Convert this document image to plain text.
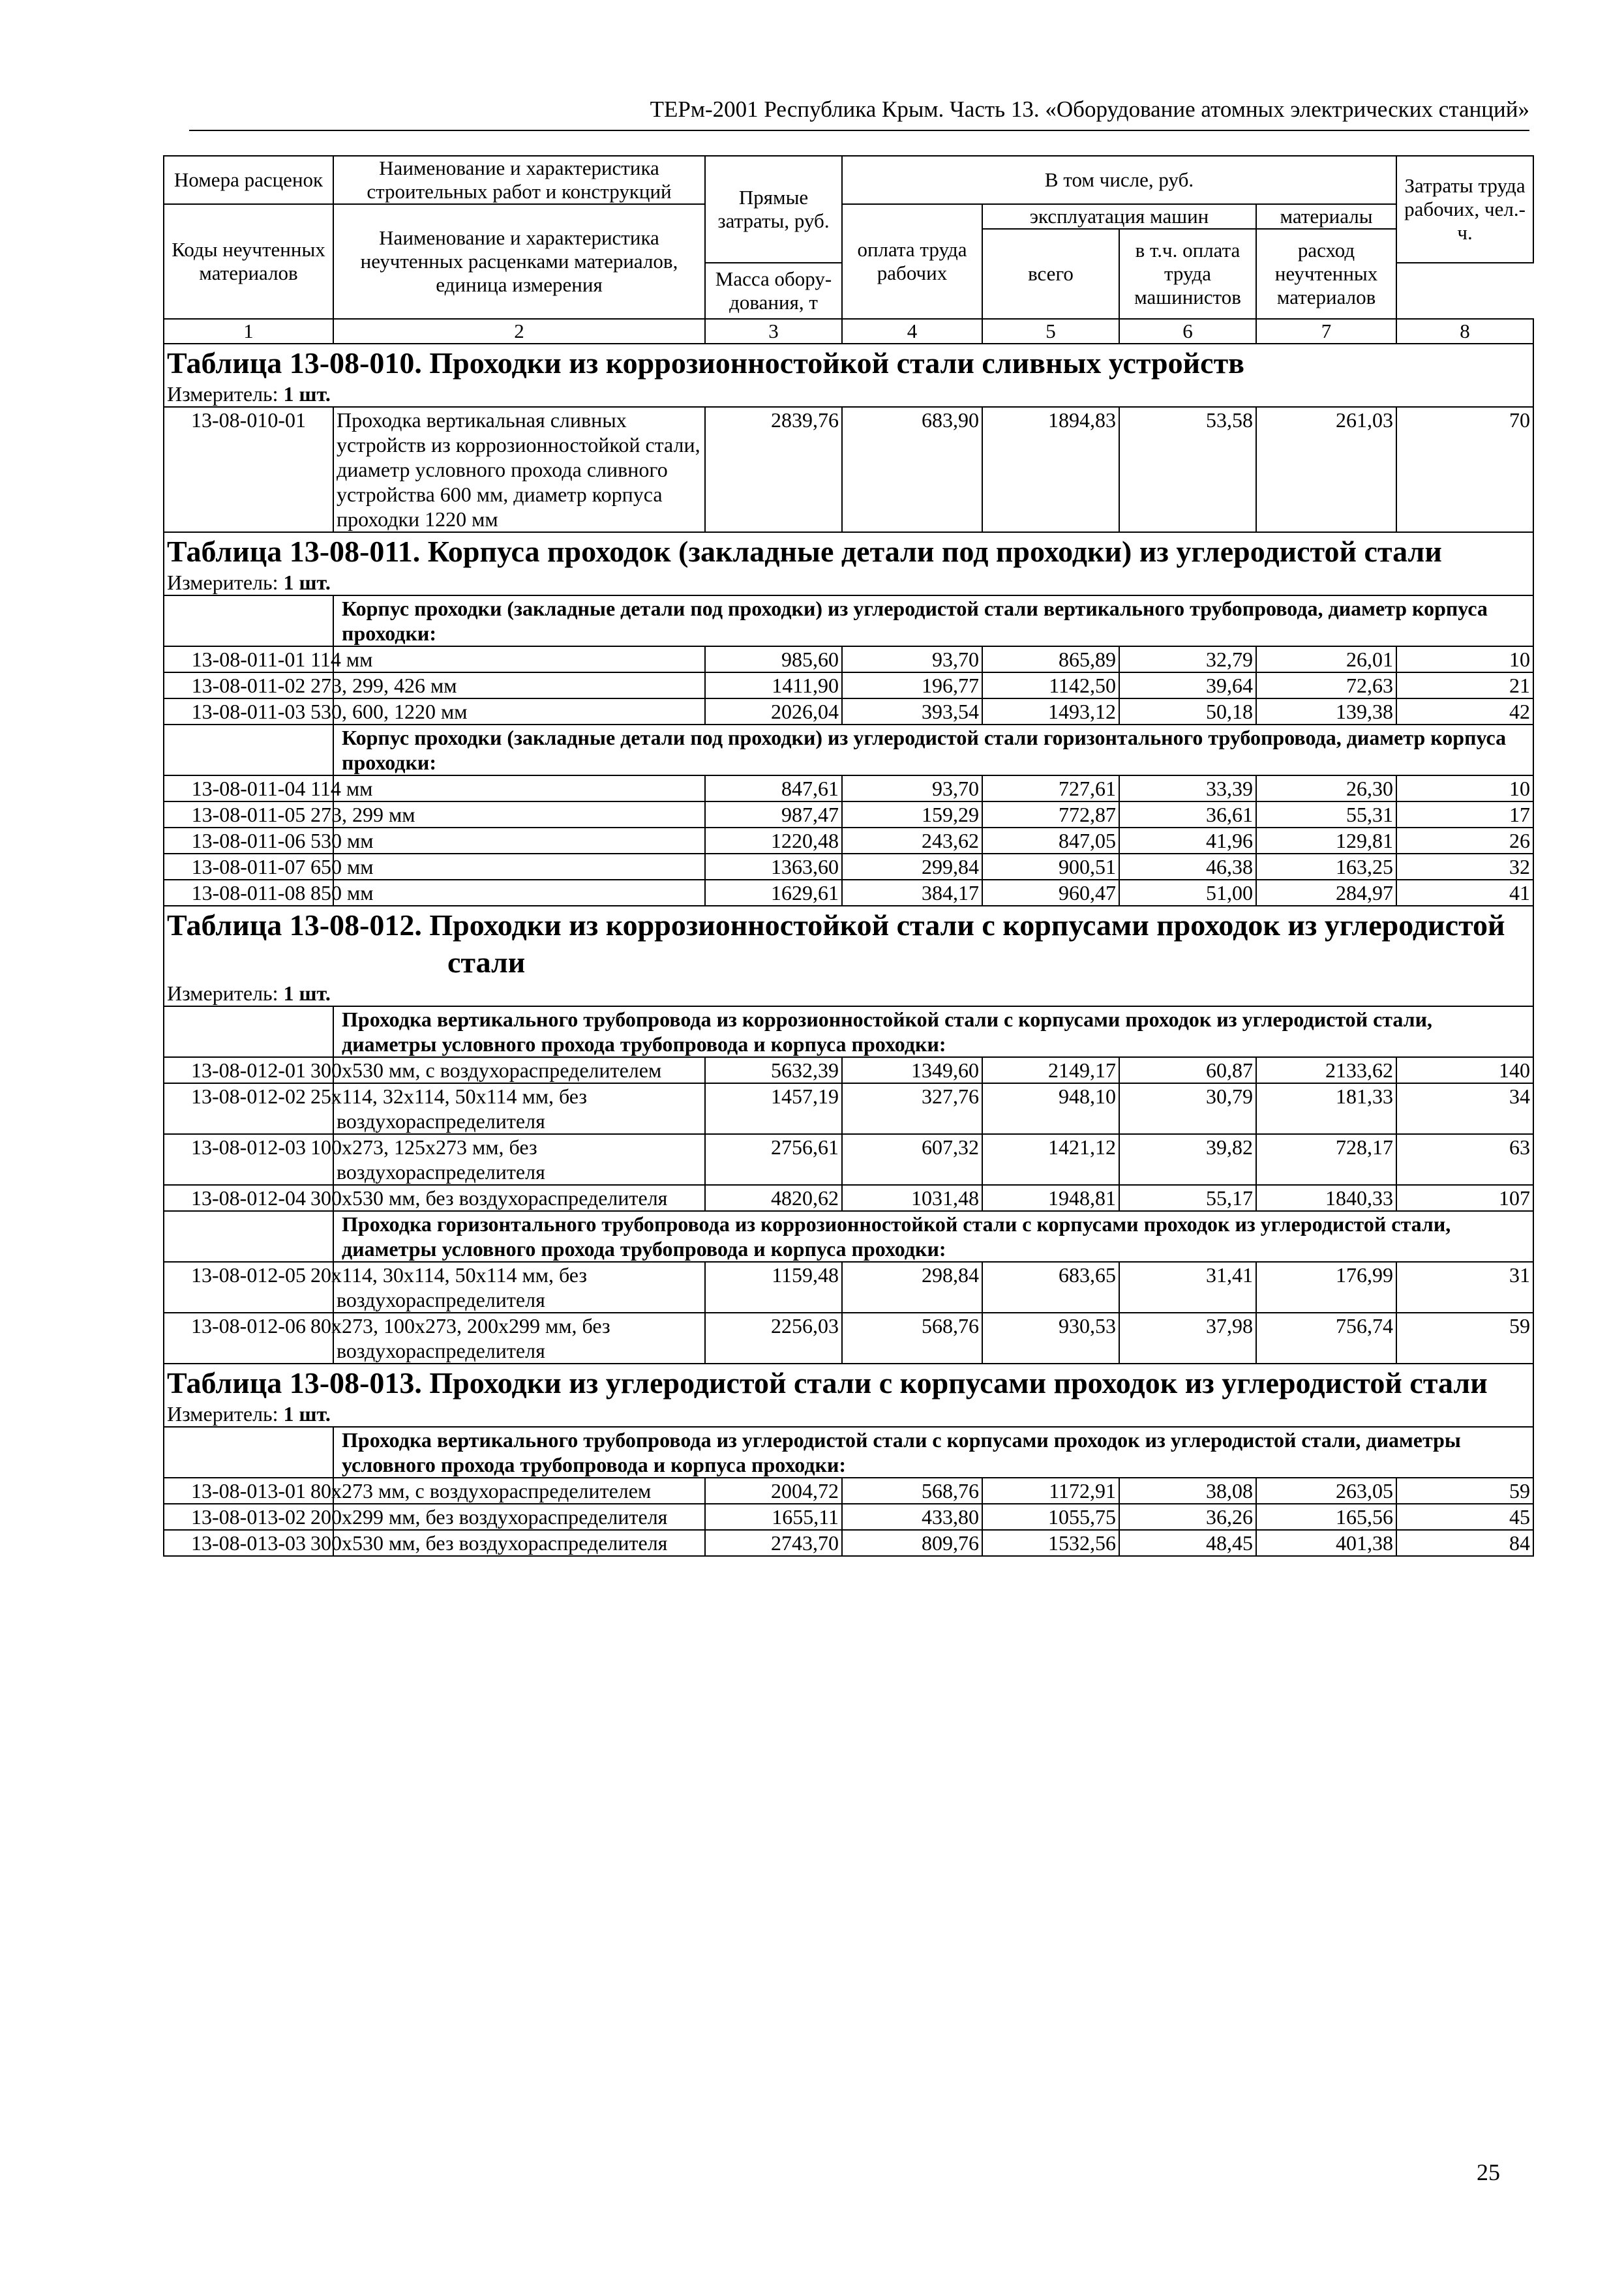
ТЕРм-2001 Республика Крым. Часть 13. «Оборудование атомных электрических станций»
Номера расценок	Наименование и характеристика строительных работ и конструкций	Прямые затраты, руб.	В том числе, руб.				Затраты труда рабочих, чел.-ч.
Коды неучтенных материалов	Наименование и характеристика неучтенных расценками материалов, единица измерения		оплата труда рабочих	эксплуатация машин		материалы	
				всего	в т.ч. оплата труда машинистов	расход неучтенных материалов	
		Масса обору-дования, т					
1	2	3	4	5	6	7	8

Таблица 13-08-010. Проходки из коррозионностойкой стали сливных устройств							

Измеритель: 1 шт.							
13-08-010-01	Проходка вертикальная сливных устройств из коррозионностойкой стали, диаметр условного прохода сливного устройства 600 мм, диаметр корпуса проходки 1220 мм	2839,76	683,90	1894,83	53,58	261,03	70

Таблица 13-08-011. Корпуса проходок (закладные детали под проходки) из углеродистой стали							

Измеритель: 1 шт.							
	Корпус проходки (закладные детали под проходки) из углеродистой стали вертикального трубопровода, диаметр корпуса проходки:						
13-08-011-01	114 мм	985,60	93,70	865,89	32,79	26,01	10
13-08-011-02	273, 299, 426 мм	1411,90	196,77	1142,50	39,64	72,63	21
13-08-011-03	530, 600, 1220 мм	2026,04	393,54	1493,12	50,18	139,38	42
	Корпус проходки (закладные детали под проходки) из углеродистой стали горизонтального трубопровода, диаметр корпуса проходки:						
13-08-011-04	114 мм	847,61	93,70	727,61	33,39	26,30	10
13-08-011-05	273, 299 мм	987,47	159,29	772,87	36,61	55,31	17
13-08-011-06	530 мм	1220,48	243,62	847,05	41,96	129,81	26
13-08-011-07	650 мм	1363,60	299,84	900,51	46,38	163,25	32
13-08-011-08	850 мм	1629,61	384,17	960,47	51,00	284,97	41

Таблица 13-08-012. Проходки из коррозионностойкой стали с корпусами проходок из углеродистой стали							

Измеритель: 1 шт.							
	Проходка вертикального трубопровода из коррозионностойкой стали с корпусами проходок из углеродистой стали, диаметры условного прохода трубопровода и корпуса проходки:						
13-08-012-01	300х530 мм, с воздухораспределителем	5632,39	1349,60	2149,17	60,87	2133,62	140
13-08-012-02	25х114, 32х114, 50х114 мм, без воздухораспределителя	1457,19	327,76	948,10	30,79	181,33	34
13-08-012-03	100х273, 125х273 мм, без воздухораспределителя	2756,61	607,32	1421,12	39,82	728,17	63
13-08-012-04	300х530 мм, без воздухораспределителя	4820,62	1031,48	1948,81	55,17	1840,33	107
	Проходка горизонтального трубопровода из коррозионностойкой стали с корпусами проходок из углеродистой стали, диаметры условного прохода трубопровода и корпуса проходки:						
13-08-012-05	20х114, 30х114, 50х114 мм, без воздухораспределителя	1159,48	298,84	683,65	31,41	176,99	31
13-08-012-06	80х273, 100х273, 200х299 мм, без воздухораспределителя	2256,03	568,76	930,53	37,98	756,74	59

Таблица 13-08-013. Проходки из углеродистой стали с корпусами проходок из углеродистой стали							

Измеритель: 1 шт.							
	Проходка вертикального трубопровода из углеродистой стали с корпусами проходок из углеродистой стали, диаметры условного прохода трубопровода и корпуса проходки:						
13-08-013-01	80х273 мм, с воздухораспределителем	2004,72	568,76	1172,91	38,08	263,05	59
13-08-013-02	200х299 мм, без воздухораспределителя	1655,11	433,80	1055,75	36,26	165,56	45
13-08-013-03	300х530 мм, без воздухораспределителя	2743,70	809,76	1532,56	48,45	401,38	84
25
